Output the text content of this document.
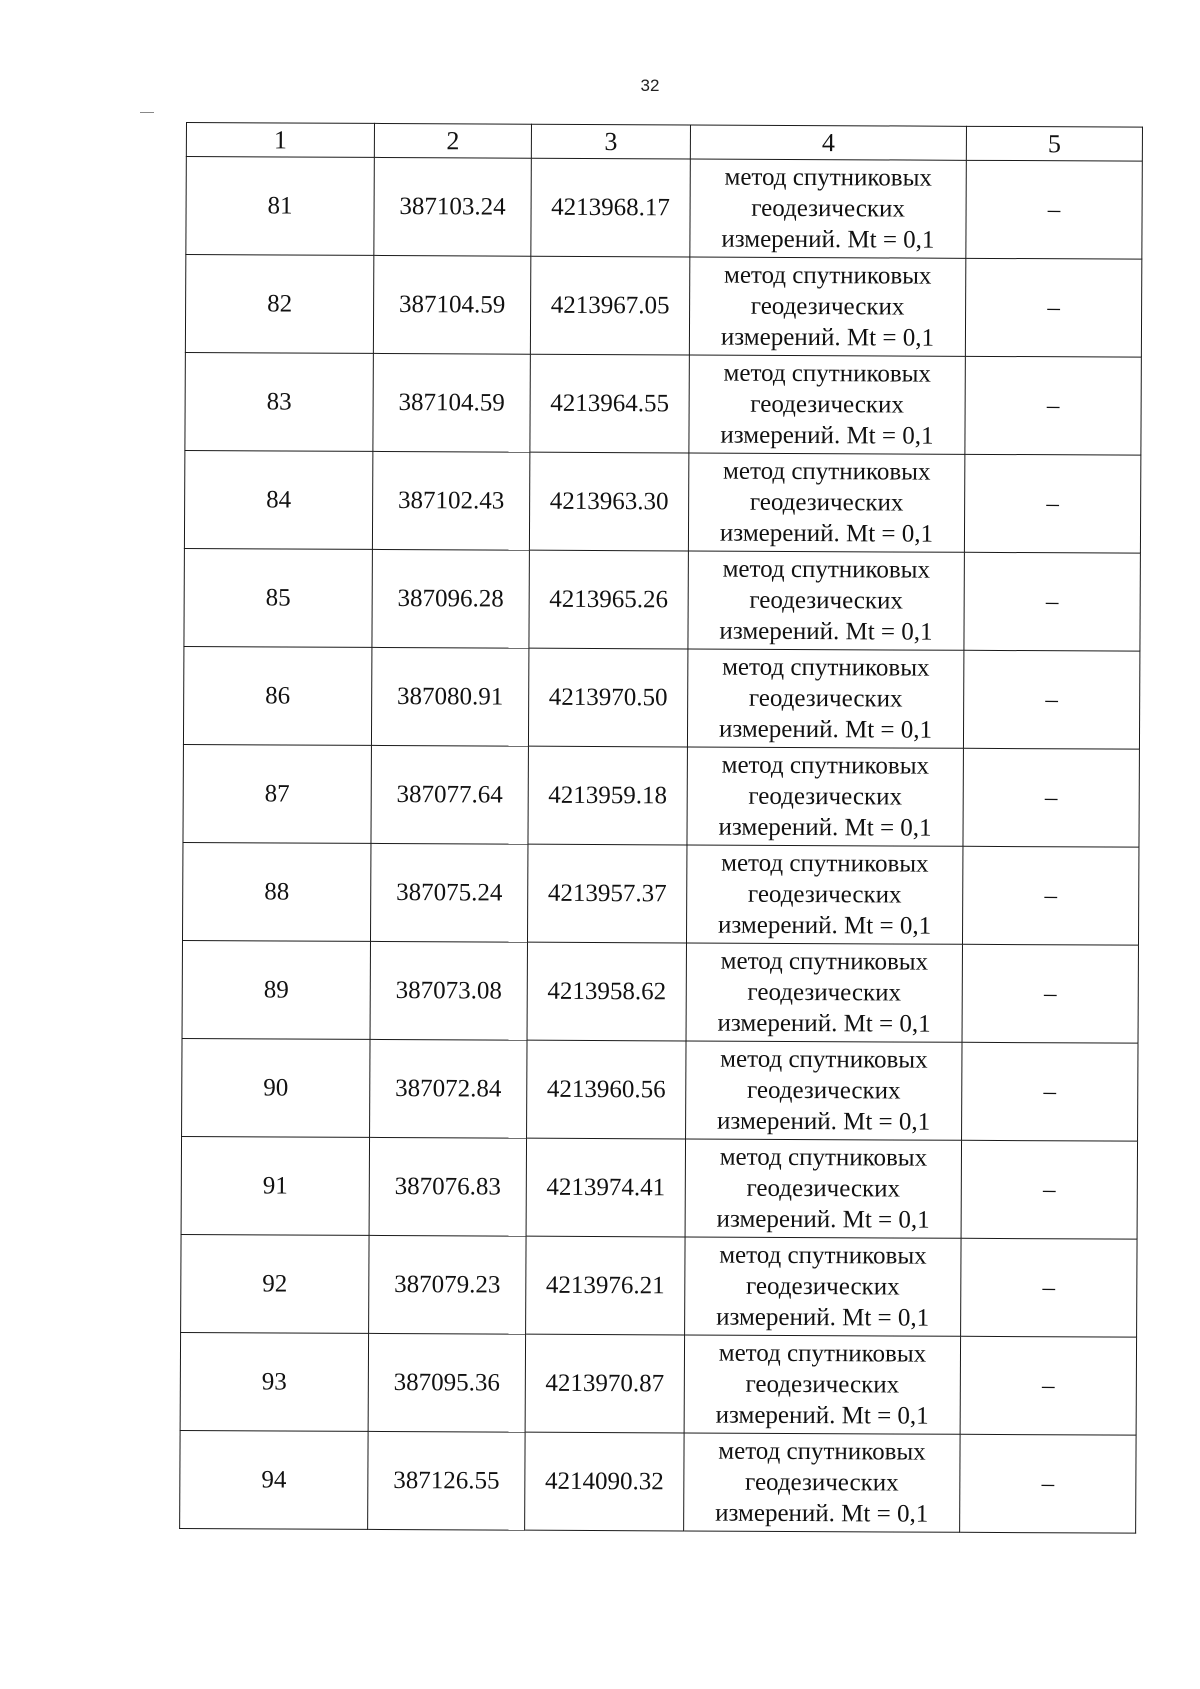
32
1	2	3	4	5
81	387103.24	4213968.17	метод спутниковых
геодезических
измерений. Mt = 0,1	–
82	387104.59	4213967.05	метод спутниковых
геодезических
измерений. Mt = 0,1	–
83	387104.59	4213964.55	метод спутниковых
геодезических
измерений. Mt = 0,1	–
84	387102.43	4213963.30	метод спутниковых
геодезических
измерений. Mt = 0,1	–
85	387096.28	4213965.26	метод спутниковых
геодезических
измерений. Mt = 0,1	–
86	387080.91	4213970.50	метод спутниковых
геодезических
измерений. Mt = 0,1	–
87	387077.64	4213959.18	метод спутниковых
геодезических
измерений. Mt = 0,1	–
88	387075.24	4213957.37	метод спутниковых
геодезических
измерений. Mt = 0,1	–
89	387073.08	4213958.62	метод спутниковых
геодезических
измерений. Mt = 0,1	–
90	387072.84	4213960.56	метод спутниковых
геодезических
измерений. Mt = 0,1	–
91	387076.83	4213974.41	метод спутниковых
геодезических
измерений. Mt = 0,1	–
92	387079.23	4213976.21	метод спутниковых
геодезических
измерений. Mt = 0,1	–
93	387095.36	4213970.87	метод спутниковых
геодезических
измерений. Mt = 0,1	–
94	387126.55	4214090.32	метод спутниковых
геодезических
измерений. Mt = 0,1	–
